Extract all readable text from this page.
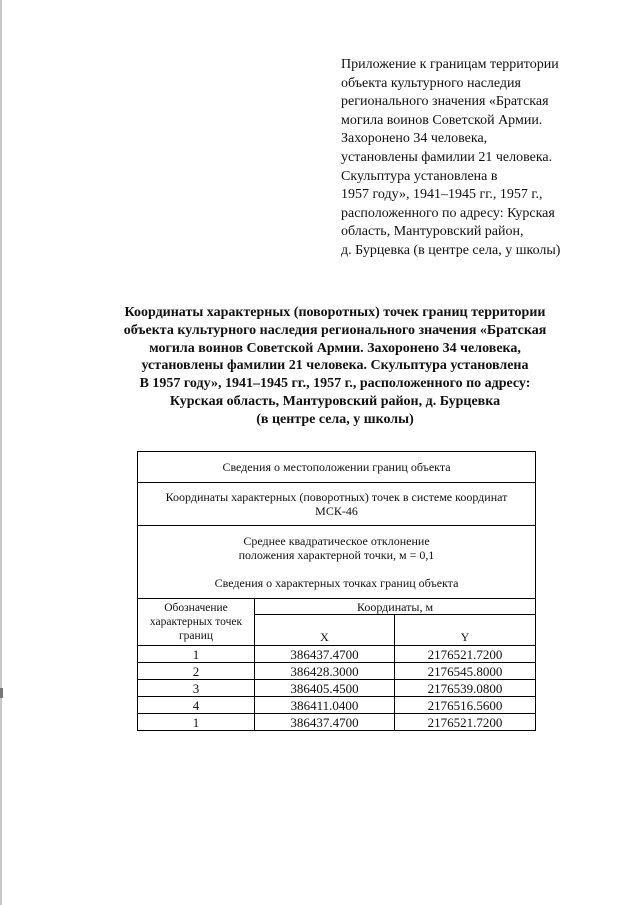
Приложение к границам территории
объекта культурного наследия
регионального значения «Братская
могила воинов Советской Армии.
Захоронено 34 человека,
установлены фамилии 21 человека.
Скульптура установлена в
1957 году», 1941–1945 гг., 1957 г.,
расположенного по адресу: Курская
область, Мантуровский район,
д. Бурцевка (в центре села, у школы)
Координаты характерных (поворотных) точек границ территории
объекта культурного наследия регионального значения «Братская
могила воинов Советской Армии. Захоронено 34 человека,
установлены фамилии 21 человека. Скульптура установлена
В 1957 году», 1941–1945 гг., 1957 г., расположенного по адресу:
Курская область, Мантуровский район, д. Бурцевка
(в центре села, у школы)
Сведения о местоположении границ объекта		

Координаты характерных (поворотных) точек в системе координат
МСК-46		

Среднее квадратическое отклонение
положения характерной точки, м = 0,1
Сведения о характерных точках границ объекта		

Обозначение
характерных точек
границ	Координаты, м	
	X	Y
1	386437.4700	2176521.7200
2	386428.3000	2176545.8000
3	386405.4500	2176539.0800
4	386411.0400	2176516.5600
1	386437.4700	2176521.7200
